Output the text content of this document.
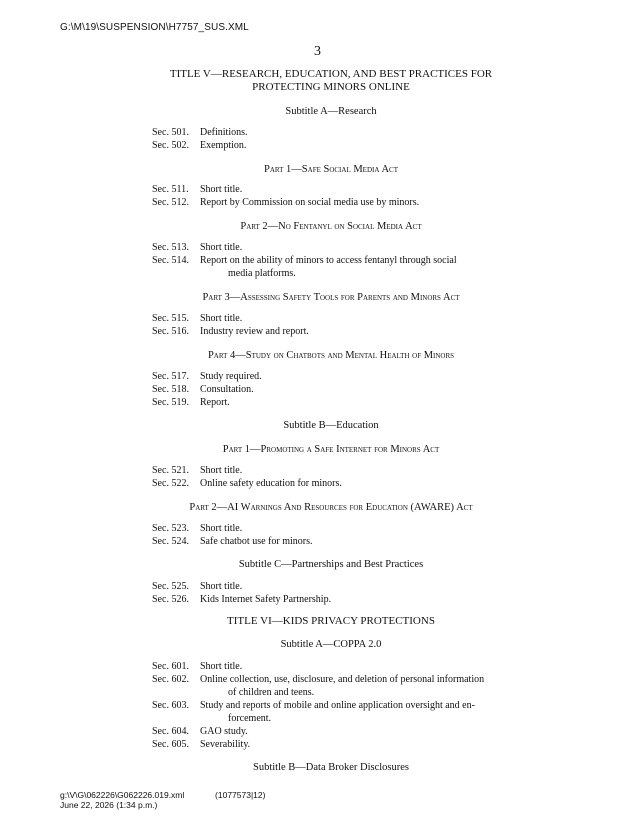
G:\M\19\SUSPENSION\H7757_SUS.XML
3
TITLE V—RESEARCH, EDUCATION, AND BEST PRACTICES FOR
PROTECTING MINORS ONLINE
Subtitle A—Research
Sec. 501.	Definitions.
Sec. 502.	Exemption.
Part 1—Safe Social Media Act
Sec. 511.	Short title.
Sec. 512.	Report by Commission on social media use by minors.
Part 2—No Fentanyl on Social Media Act
Sec. 513.	Short title.
Sec. 514.	Report on the ability of minors to access fentanyl through social
media platforms.
Part 3—Assessing Safety Tools for Parents and Minors Act
Sec. 515.	Short title.
Sec. 516.	Industry review and report.
Part 4—Study on Chatbots and Mental Health of Minors
Sec. 517.	Study required.
Sec. 518.	Consultation.
Sec. 519.	Report.
Subtitle B—Education
Part 1—Promoting a Safe Internet for Minors Act
Sec. 521.	Short title.
Sec. 522.	Online safety education for minors.
Part 2—AI Warnings And Resources for Education (AWARE) Act
Sec. 523.	Short title.
Sec. 524.	Safe chatbot use for minors.
Subtitle C—Partnerships and Best Practices
Sec. 525.	Short title.
Sec. 526.	Kids Internet Safety Partnership.
TITLE VI—KIDS PRIVACY PROTECTIONS
Subtitle A—COPPA 2.0
Sec. 601.	Short title.
Sec. 602.	Online collection, use, disclosure, and deletion of personal information
of children and teens.
Sec. 603.	Study and reports of mobile and online application oversight and en-
forcement.
Sec. 604.	GAO study.
Sec. 605.	Severability.
Subtitle B—Data Broker Disclosures
g:\V\G\062226\G062226.019.xml	(1077573|12)
June 22, 2026 (1:34 p.m.)
